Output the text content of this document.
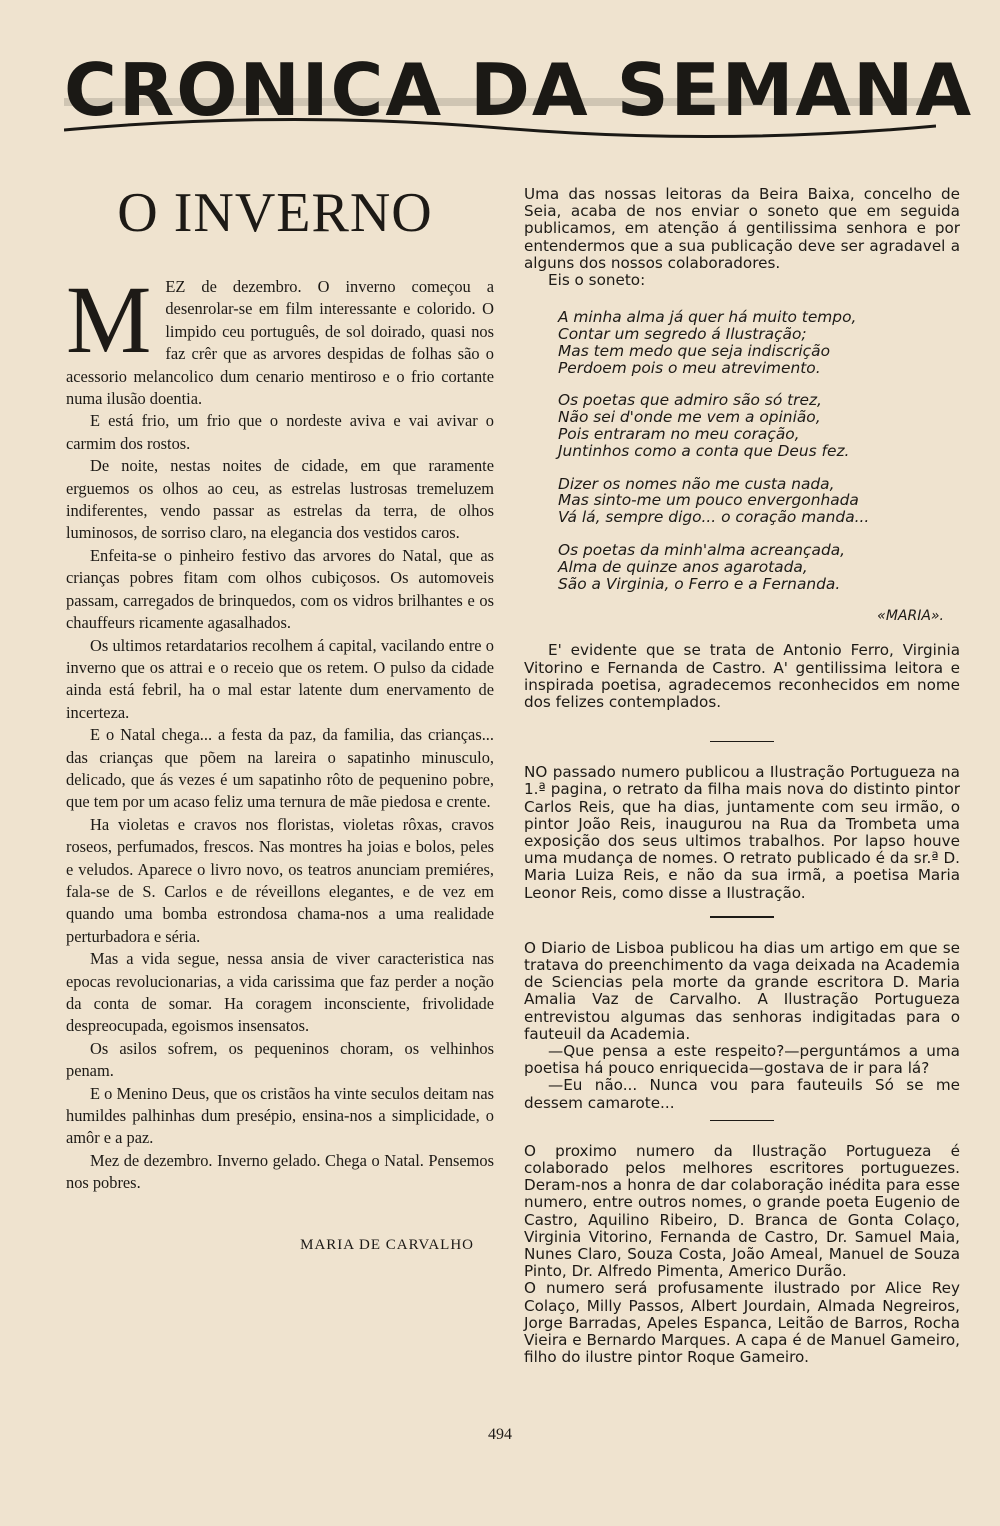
CRONICA DA SEMANA
O INVERNO

M EZ de dezembro. O inverno começou a desenrolar-se em film interessante e colorido. O limpido ceu português, de sol doirado, quasi nos faz crêr que as arvores despidas de folhas são o acessorio melancolico dum cenario mentiroso e o frio cortante numa ilusão doentia.

E está frio, um frio que o nordeste aviva e vai avivar o carmim dos rostos.

De noite, nestas noites de cidade, em que raramente erguemos os olhos ao ceu, as estrelas lustrosas tremeluzem indiferentes, vendo passar as estrelas da terra, de olhos luminosos, de sorriso claro, na elegancia dos vestidos caros.

Enfeita-se o pinheiro festivo das arvores do Natal, que as crianças pobres fitam com olhos cubiçosos. Os automoveis passam, carregados de brinquedos, com os vidros brilhantes e os chauffeurs ricamente agasalhados.

Os ultimos retardatarios recolhem á capital, vacilando entre o inverno que os attrai e o receio que os retem. O pulso da cidade ainda está febril, ha o mal estar latente dum enervamento de incerteza.

E o Natal chega... a festa da paz, da familia, das crianças... das crianças que põem na lareira o sapatinho minusculo, delicado, que ás vezes é um sapatinho rôto de pequenino pobre, que tem por um acaso feliz uma ternura de mãe piedosa e crente.

Ha violetas e cravos nos floristas, violetas rôxas, cravos roseos, perfumados, frescos. Nas montres ha joias e bolos, peles e veludos. Aparece o livro novo, os teatros anunciam premiéres, fala-se de S. Carlos e de réveillons elegantes, e de vez em quando uma bomba estrondosa chama-nos a uma realidade perturbadora e séria.

Mas a vida segue, nessa ansia de viver caracteristica nas epocas revolucionarias, a vida carissima que faz perder a noção da conta de somar. Ha coragem inconsciente, frivolidade despreocupada, egoismos insensatos.

Os asilos sofrem, os pequeninos choram, os velhinhos penam.

E o Menino Deus, que os cristãos ha vinte seculos deitam nas humildes palhinhas dum presépio, ensina-nos a simplicidade, o amôr e a paz.

Mez de dezembro. Inverno gelado. Chega o Natal. Pensemos nos pobres.

MARIA DE CARVALHO

Uma das nossas leitoras da Beira Baixa, concelho de Seia, acaba de nos enviar o soneto que em seguida publicamos, em atenção á gentilissima senhora e por entendermos que a sua publicação deve ser agradavel a alguns dos nossos colaboradores.

Eis o soneto:

A minha alma já quer há muito tempo,
Contar um segredo á Ilustração;
Mas tem medo que seja indiscrição
Perdoem pois o meu atrevimento.
Os poetas que admiro são só trez,
Não sei d'onde me vem a opinião,
Pois entraram no meu coração,
Juntinhos como a conta que Deus fez.
Dizer os nomes não me custa nada,
Mas sinto-me um pouco envergonhada
Vá lá, sempre digo... o coração manda...
Os poetas da minh'alma acreançada,
Alma de quinze anos agarotada,
São a Virginia, o Ferro e a Fernanda.
«MARIA».

E' evidente que se trata de Antonio Ferro, Virginia Vitorino e Fernanda de Castro. A' gentilissima leitora e inspirada poetisa, agradecemos reconhecidos em nome dos felizes contemplados.

NO passado numero publicou a Ilustração Portugueza na 1.ª pagina, o retrato da filha mais nova do distinto pintor Carlos Reis, que ha dias, juntamente com seu irmão, o pintor João Reis, inaugurou na Rua da Trombeta uma exposição dos seus ultimos trabalhos. Por lapso houve uma mudança de nomes. O retrato publicado é da sr.ª D. Maria Luiza Reis, e não da sua irmã, a poetisa Maria Leonor Reis, como disse a Ilustração.

O Diario de Lisboa publicou ha dias um artigo em que se tratava do preenchimento da vaga deixada na Academia de Sciencias pela morte da grande escritora D. Maria Amalia Vaz de Carvalho. A Ilustração Portugueza entrevistou algumas das senhoras indigitadas para o fauteuil da Academia.

—Que pensa a este respeito?—perguntámos a uma poetisa há pouco enriquecida—gostava de ir para lá?

—Eu não... Nunca vou para fauteuils Só se me dessem camarote...

O proximo numero da Ilustração Portugueza é colaborado pelos melhores escritores portuguezes. Deram-nos a honra de dar colaboração inédita para esse numero, entre outros nomes, o grande poeta Eugenio de Castro, Aquilino Ribeiro, D. Branca de Gonta Colaço, Virginia Vitorino, Fernanda de Castro, Dr. Samuel Maia, Nunes Claro, Souza Costa, João Ameal, Manuel de Souza Pinto, Dr. Alfredo Pimenta, Americo Durão.

O numero será profusamente ilustrado por Alice Rey Colaço, Milly Passos, Albert Jourdain, Almada Negreiros, Jorge Barradas, Apeles Espanca, Leitão de Barros, Rocha Vieira e Bernardo Marques. A capa é de Manuel Gameiro, filho do ilustre pintor Roque Gameiro.

494
